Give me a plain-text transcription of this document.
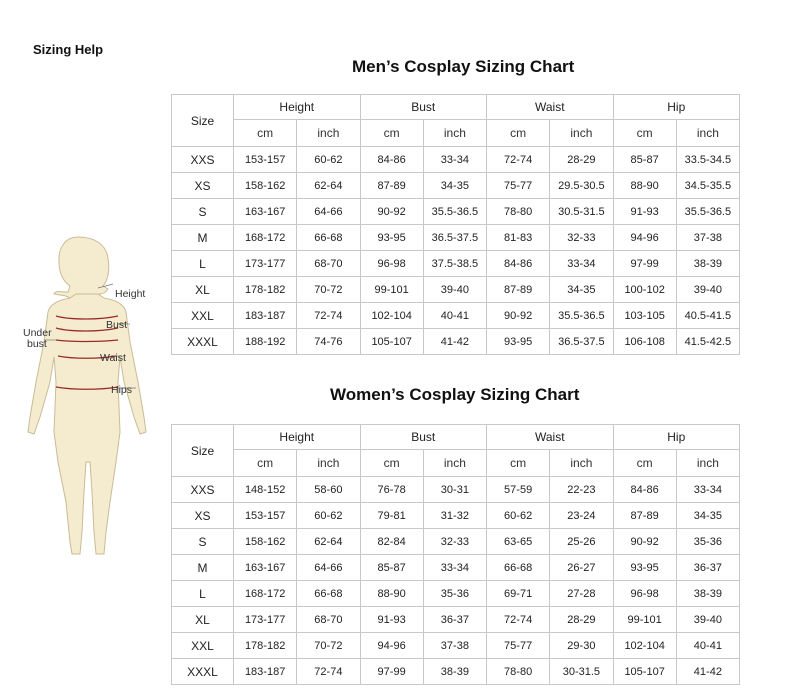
Sizing Help
Height
Bust
Under
bust
Waist
Hips
Men’s Cosplay Sizing Chart
Size	Height		Bust		Waist		Hip	
	cm	inch	cm	inch	cm	inch	cm	inch
XXS	153-157	60-62	84-86	33-34	72-74	28-29	85-87	33.5-34.5
XS	158-162	62-64	87-89	34-35	75-77	29.5-30.5	88-90	34.5-35.5
S	163-167	64-66	90-92	35.5-36.5	78-80	30.5-31.5	91-93	35.5-36.5
M	168-172	66-68	93-95	36.5-37.5	81-83	32-33	94-96	37-38
L	173-177	68-70	96-98	37.5-38.5	84-86	33-34	97-99	38-39
XL	178-182	70-72	99-101	39-40	87-89	34-35	100-102	39-40
XXL	183-187	72-74	102-104	40-41	90-92	35.5-36.5	103-105	40.5-41.5
XXXL	188-192	74-76	105-107	41-42	93-95	36.5-37.5	106-108	41.5-42.5
Women’s Cosplay Sizing Chart
Size	Height		Bust		Waist		Hip	
	cm	inch	cm	inch	cm	inch	cm	inch
XXS	148-152	58-60	76-78	30-31	57-59	22-23	84-86	33-34
XS	153-157	60-62	79-81	31-32	60-62	23-24	87-89	34-35
S	158-162	62-64	82-84	32-33	63-65	25-26	90-92	35-36
M	163-167	64-66	85-87	33-34	66-68	26-27	93-95	36-37
L	168-172	66-68	88-90	35-36	69-71	27-28	96-98	38-39
XL	173-177	68-70	91-93	36-37	72-74	28-29	99-101	39-40
XXL	178-182	70-72	94-96	37-38	75-77	29-30	102-104	40-41
XXXL	183-187	72-74	97-99	38-39	78-80	30-31.5	105-107	41-42
